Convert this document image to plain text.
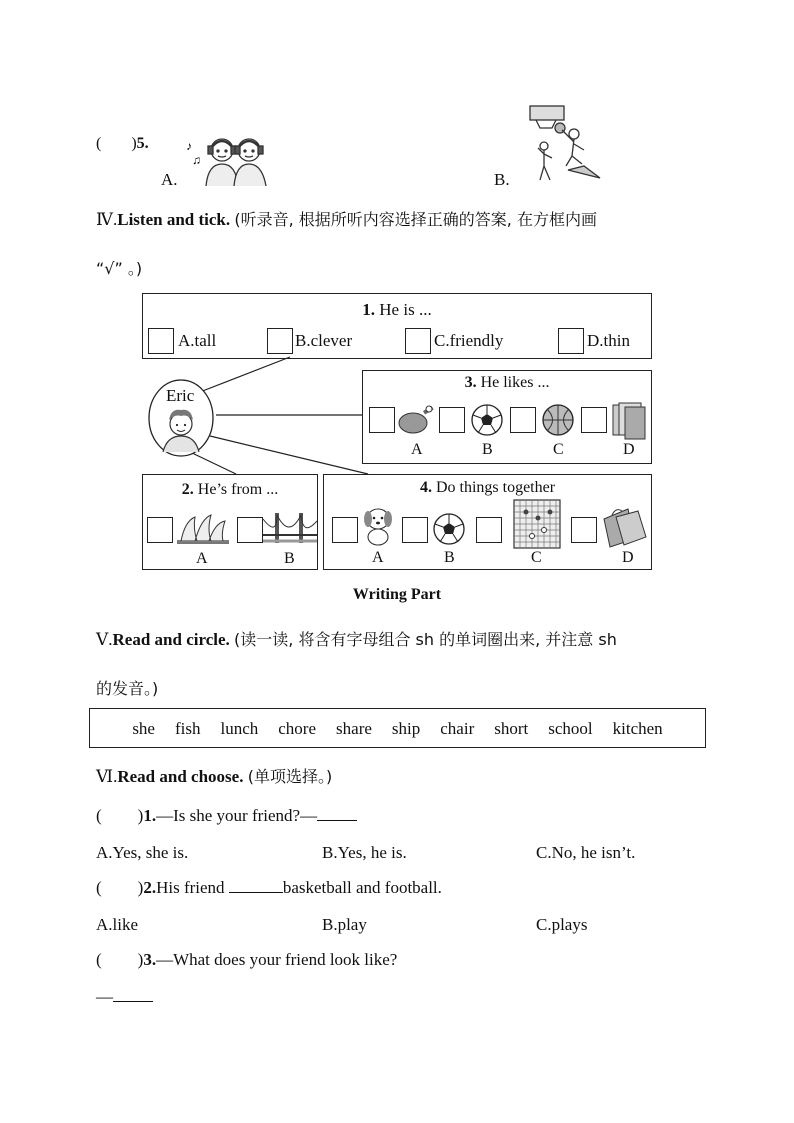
( )5.	♪
♫
A.	B.
Ⅳ.Listen and tick. (听录音, 根据所听内容选择正确的答案, 在方框内画
“√” 。)
1. He is ...
A.tall	B.clever	C.friendly	D.thin
Eric
3. He likes ...
A	B	C	D
2. He’s from ...
A	B
4. Do things together
A	B	C	D
Writing Part
Ⅴ.Read and circle. (读一读, 将含有字母组合 sh 的单词圈出来, 并注意 sh
的发音。)
she fish lunch chore share ship chair short school kitchen
Ⅵ.Read and choose. (单项选择。)
( )1.—Is she your friend?—
A.Yes, she is.	B.Yes, he is.	C.No, he isn’t.
( )2.His friend	basketball and football.
A.like	B.play	C.plays
( )3.—What does your friend look like?
—
